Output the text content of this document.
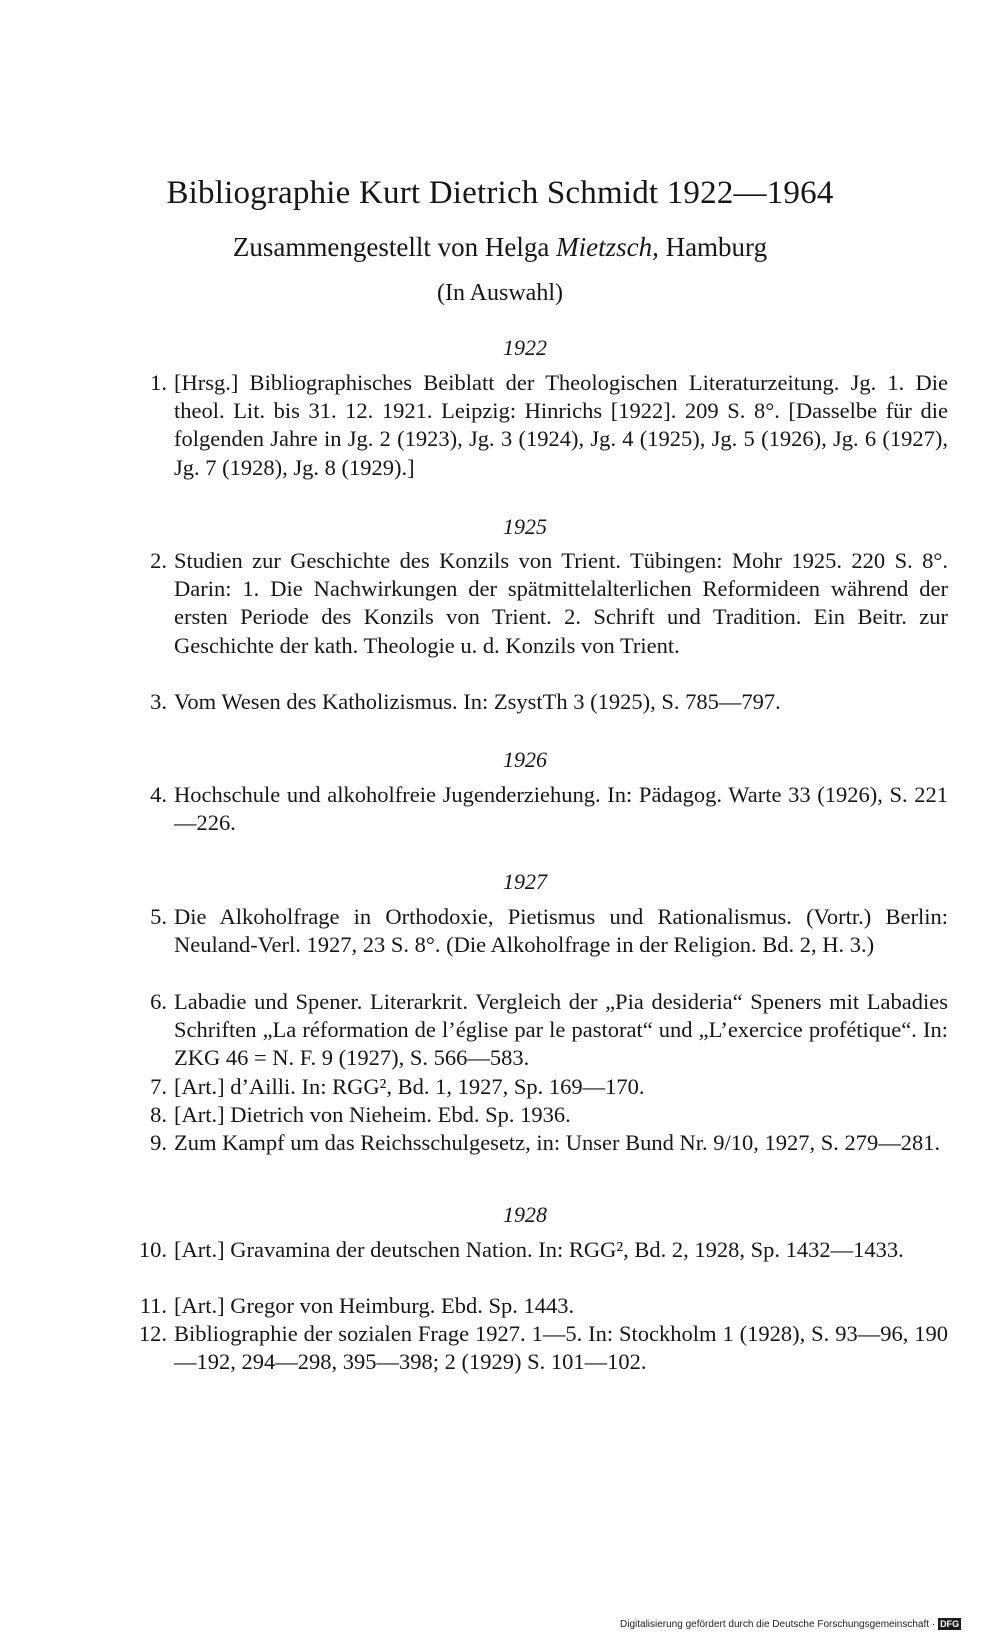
Bibliographie Kurt Dietrich Schmidt 1922—1964
Zusammengestellt von Helga Mietzsch, Hamburg
(In Auswahl)
1922
1. [Hrsg.] Bibliographisches Beiblatt der Theologischen Literaturzeitung. Jg. 1. Die theol. Lit. bis 31. 12. 1921. Leipzig: Hinrichs [1922]. 209 S. 8°. [Dasselbe für die folgenden Jahre in Jg. 2 (1923), Jg. 3 (1924), Jg. 4 (1925), Jg. 5 (1926), Jg. 6 (1927), Jg. 7 (1928), Jg. 8 (1929).]
1925
2. Studien zur Geschichte des Konzils von Trient. Tübingen: Mohr 1925. 220 S. 8°. Darin: 1. Die Nachwirkungen der spätmittelalterlichen Reformideen während der ersten Periode des Konzils von Trient. 2. Schrift und Tradition. Ein Beitr. zur Geschichte der kath. Theologie u. d. Konzils von Trient.
3. Vom Wesen des Katholizismus. In: ZsystTh 3 (1925), S. 785—797.
1926
4. Hochschule und alkoholfreie Jugenderziehung. In: Pädagog. Warte 33 (1926), S. 221—226.
1927
5. Die Alkoholfrage in Orthodoxie, Pietismus und Rationalismus. (Vortr.) Berlin: Neuland-Verl. 1927, 23 S. 8°. (Die Alkoholfrage in der Religion. Bd. 2, H. 3.)
6. Labadie und Spener. Literarkrit. Vergleich der „Pia desideria“ Speners mit Labadies Schriften „La réformation de l’église par le pastorat“ und „L’exercice profétique“. In: ZKG 46 = N. F. 9 (1927), S. 566—583.
7. [Art.] d’Ailli. In: RGG², Bd. 1, 1927, Sp. 169—170.
8. [Art.] Dietrich von Nieheim. Ebd. Sp. 1936.
9. Zum Kampf um das Reichsschulgesetz, in: Unser Bund Nr. 9/10, 1927, S. 279—281.
1928
10. [Art.] Gravamina der deutschen Nation. In: RGG², Bd. 2, 1928, Sp. 1432—1433.
11. [Art.] Gregor von Heimburg. Ebd. Sp. 1443.
12. Bibliographie der sozialen Frage 1927. 1—5. In: Stockholm 1 (1928), S. 93—96, 190—192, 294—298, 395—398; 2 (1929) S. 101—102.
Digitalisierung gefördert durch die Deutsche Forschungsgemeinschaft · DFG
